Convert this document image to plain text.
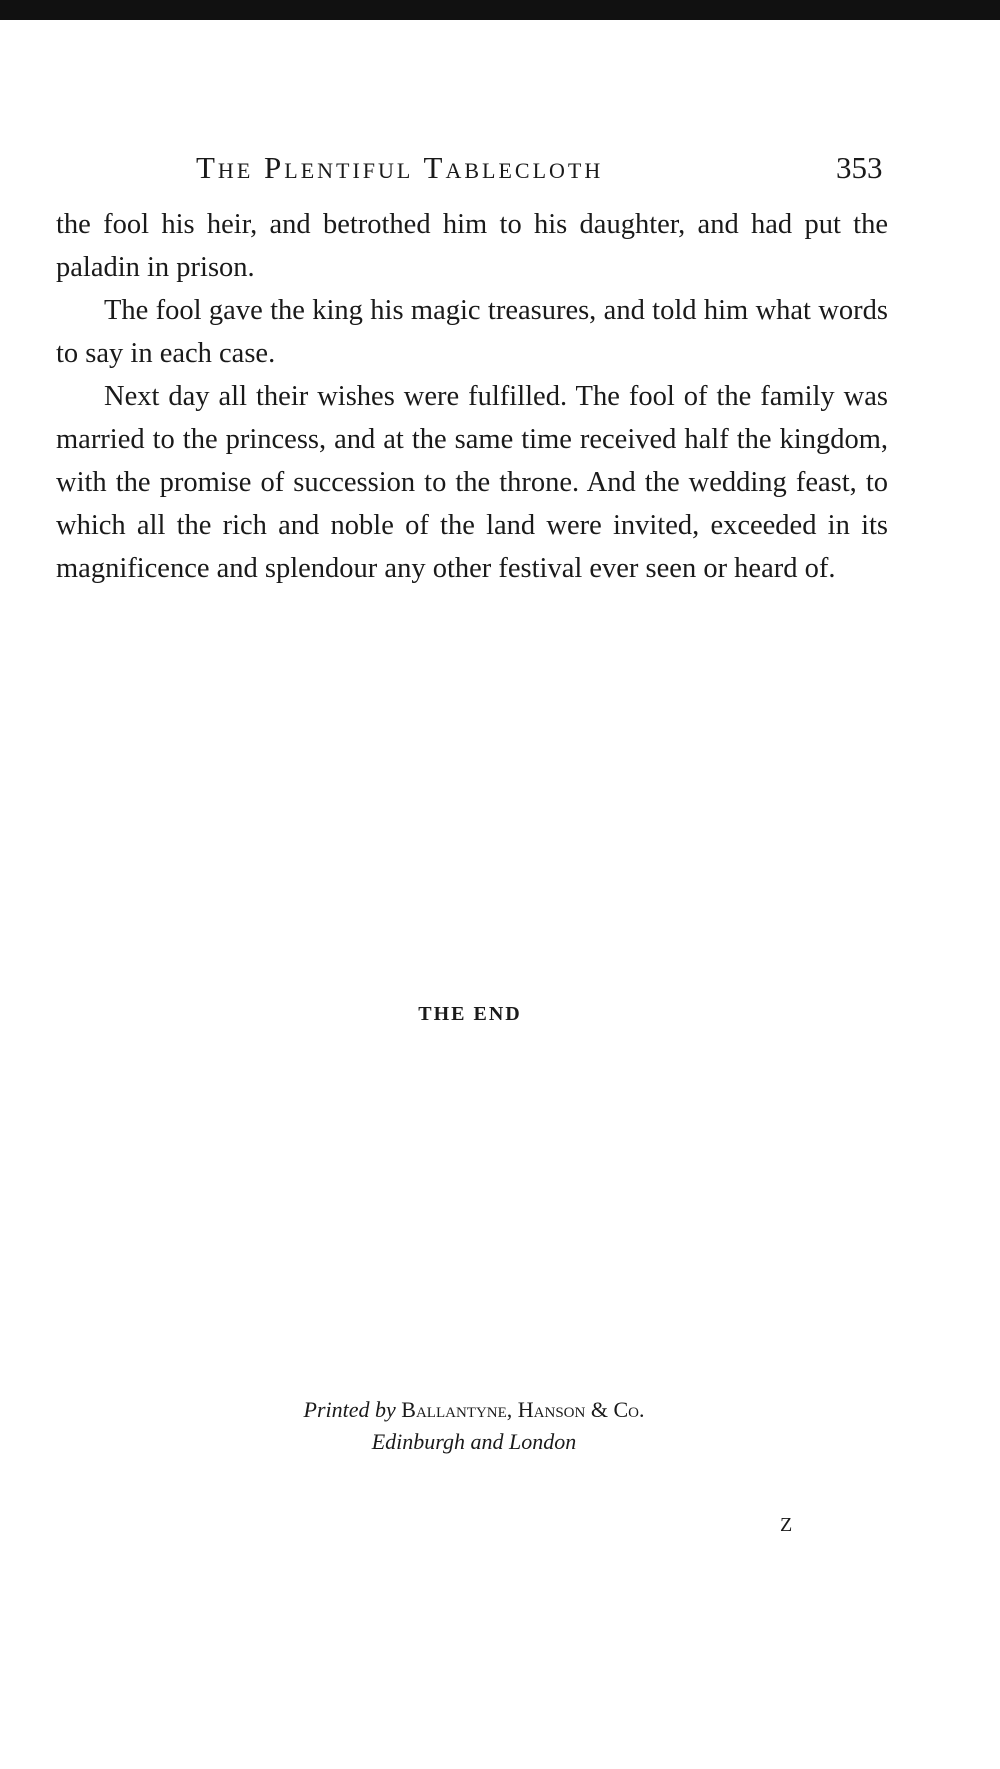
The Plentiful Tablecloth	353

the fool his heir, and betrothed him to his daughter, and had put the paladin in prison.

The fool gave the king his magic treasures, and told him what words to say in each case.

Next day all their wishes were fulfilled. The fool of the family was married to the princess, and at the same time received half the kingdom, with the promise of succession to the throne. And the wedding feast, to which all the rich and noble of the land were invited, exceeded in its magnificence and splendour any other festival ever seen or heard of.

THE END
Printed by Ballantyne, Hanson & Co.
Edinburgh and London
Z
